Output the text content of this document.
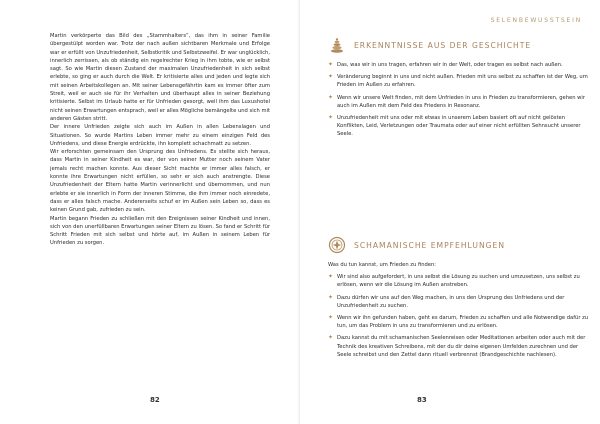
Martin verkörperte das Bild des „Stammhalters“, das ihm in seiner Familie übergestülpt worden war. Trotz der nach außen sichtbaren Merkmale und Erfolge war er erfüllt von Unzufriedenheit, Selbstkritik und Selbstzweifel. Er war unglücklich, innerlich zerrissen, als ob ständig ein regelrechter Krieg in ihm tobte, wie er selbst sagt. So wie Martin diesen Zustand der maximalen Unzufriedenheit in sich selbst erlebte, so ging er auch durch die Welt. Er kritisierte alles und jeden und legte sich mit seinen Arbeitskollegen an. Mit seiner Lebensgefährtin kam es immer öfter zum Streit, weil er auch sie für ihr Verhalten und überhaupt alles in seiner Beziehung kritisierte. Selbst im Urlaub hatte er für Unfrieden gesorgt, weil ihm das Luxushotel nicht seinen Erwartungen entsprach, weil er alles Mögliche bemängelte und sich mit anderen Gästen stritt.

Der innere Unfrieden zeigte sich auch im Außen in allen Lebenslagen und Situationen. So wurde Martins Leben immer mehr zu einem einzigen Feld des Unfriedens, und diese Energie erdrückte, ihn komplett schachmatt zu setzen.

Wir erforschten gemeinsam den Ursprung des Unfriedens. Es stellte sich heraus, dass Martin in seiner Kindheit es war, der von seiner Mutter noch seinem Vater jemals recht machen konnte. Aus dieser Sicht machte er immer alles falsch, er konnte ihre Erwartungen nicht erfüllen, so sehr er sich auch anstrengte. Diese Unzufriedenheit der Eltern hatte Martin verinnerlicht und übernommen, und nun erlebte er sie innerlich in Form der inneren Stimme, die ihm immer noch einredete, dass er alles falsch mache. Andererseits schuf er im Außen sein Leben so, dass es keinen Grund gab, zufrieden zu sein.

Martin begann Frieden zu schließen mit den Ereignissen seiner Kindheit und innen, sich von den unerfüllbaren Erwartungen seiner Eltern zu lösen. So fand er Schritt für Schritt Frieden mit sich selbst und hörte auf, im Außen in seinem Leben für Unfrieden zu sorgen.

82
SELENBEWUSSTSEIN
ERKENNTNISSE AUS DER GESCHICHTE
✦ Das, was wir in uns tragen, erfahren wir in der Welt, oder tragen es selbst nach außen.
✦ Veränderung beginnt in uns und nicht außen. Frieden mit uns selbst zu schaffen ist der Weg, um Frieden im Außen zu erfahren.
✦ Wenn wir unsere Welt finden, mit dem Unfrieden in uns in Frieden zu transformieren, gehen wir auch im Außen mit dem Feld des Friedens in Resonanz.
✦ Unzufriedenheit mit uns oder mit etwas in unserem Leben basiert oft auf nicht gelösten Konflikten, Leid, Verletzungen oder Traumata oder auf einer nicht erfüllten Sehnsucht unserer Seele.
SCHAMANISCHE EMPFEHLUNGEN

Was du tun kannst, um Frieden zu finden:

✦ Wir sind also aufgefordert, in uns selbst die Lösung zu suchen und umzusetzen, uns selbst zu erlösen, wenn wir die Lösung im Außen anstreben.
✦ Dazu dürfen wir uns auf den Weg machen, in uns den Ursprung des Unfriedens und der Unzufriedenheit zu suchen.
✦ Wenn wir ihn gefunden haben, geht es darum, Frieden zu schaffen und alle Notwendige dafür zu tun, um das Problem in uns zu transformieren und zu erlösen.
✦ Dazu kannst du mit schamanischen Seelenreisen oder Meditationen arbeiten oder auch mit der Technik des kreativen Schreibens, mit der du dir deine eigenen Umfelden zurechnen und der Seele schreibst und den Zettel dann rituell verbrennst (Brandgeschichte nachlesen).
83
